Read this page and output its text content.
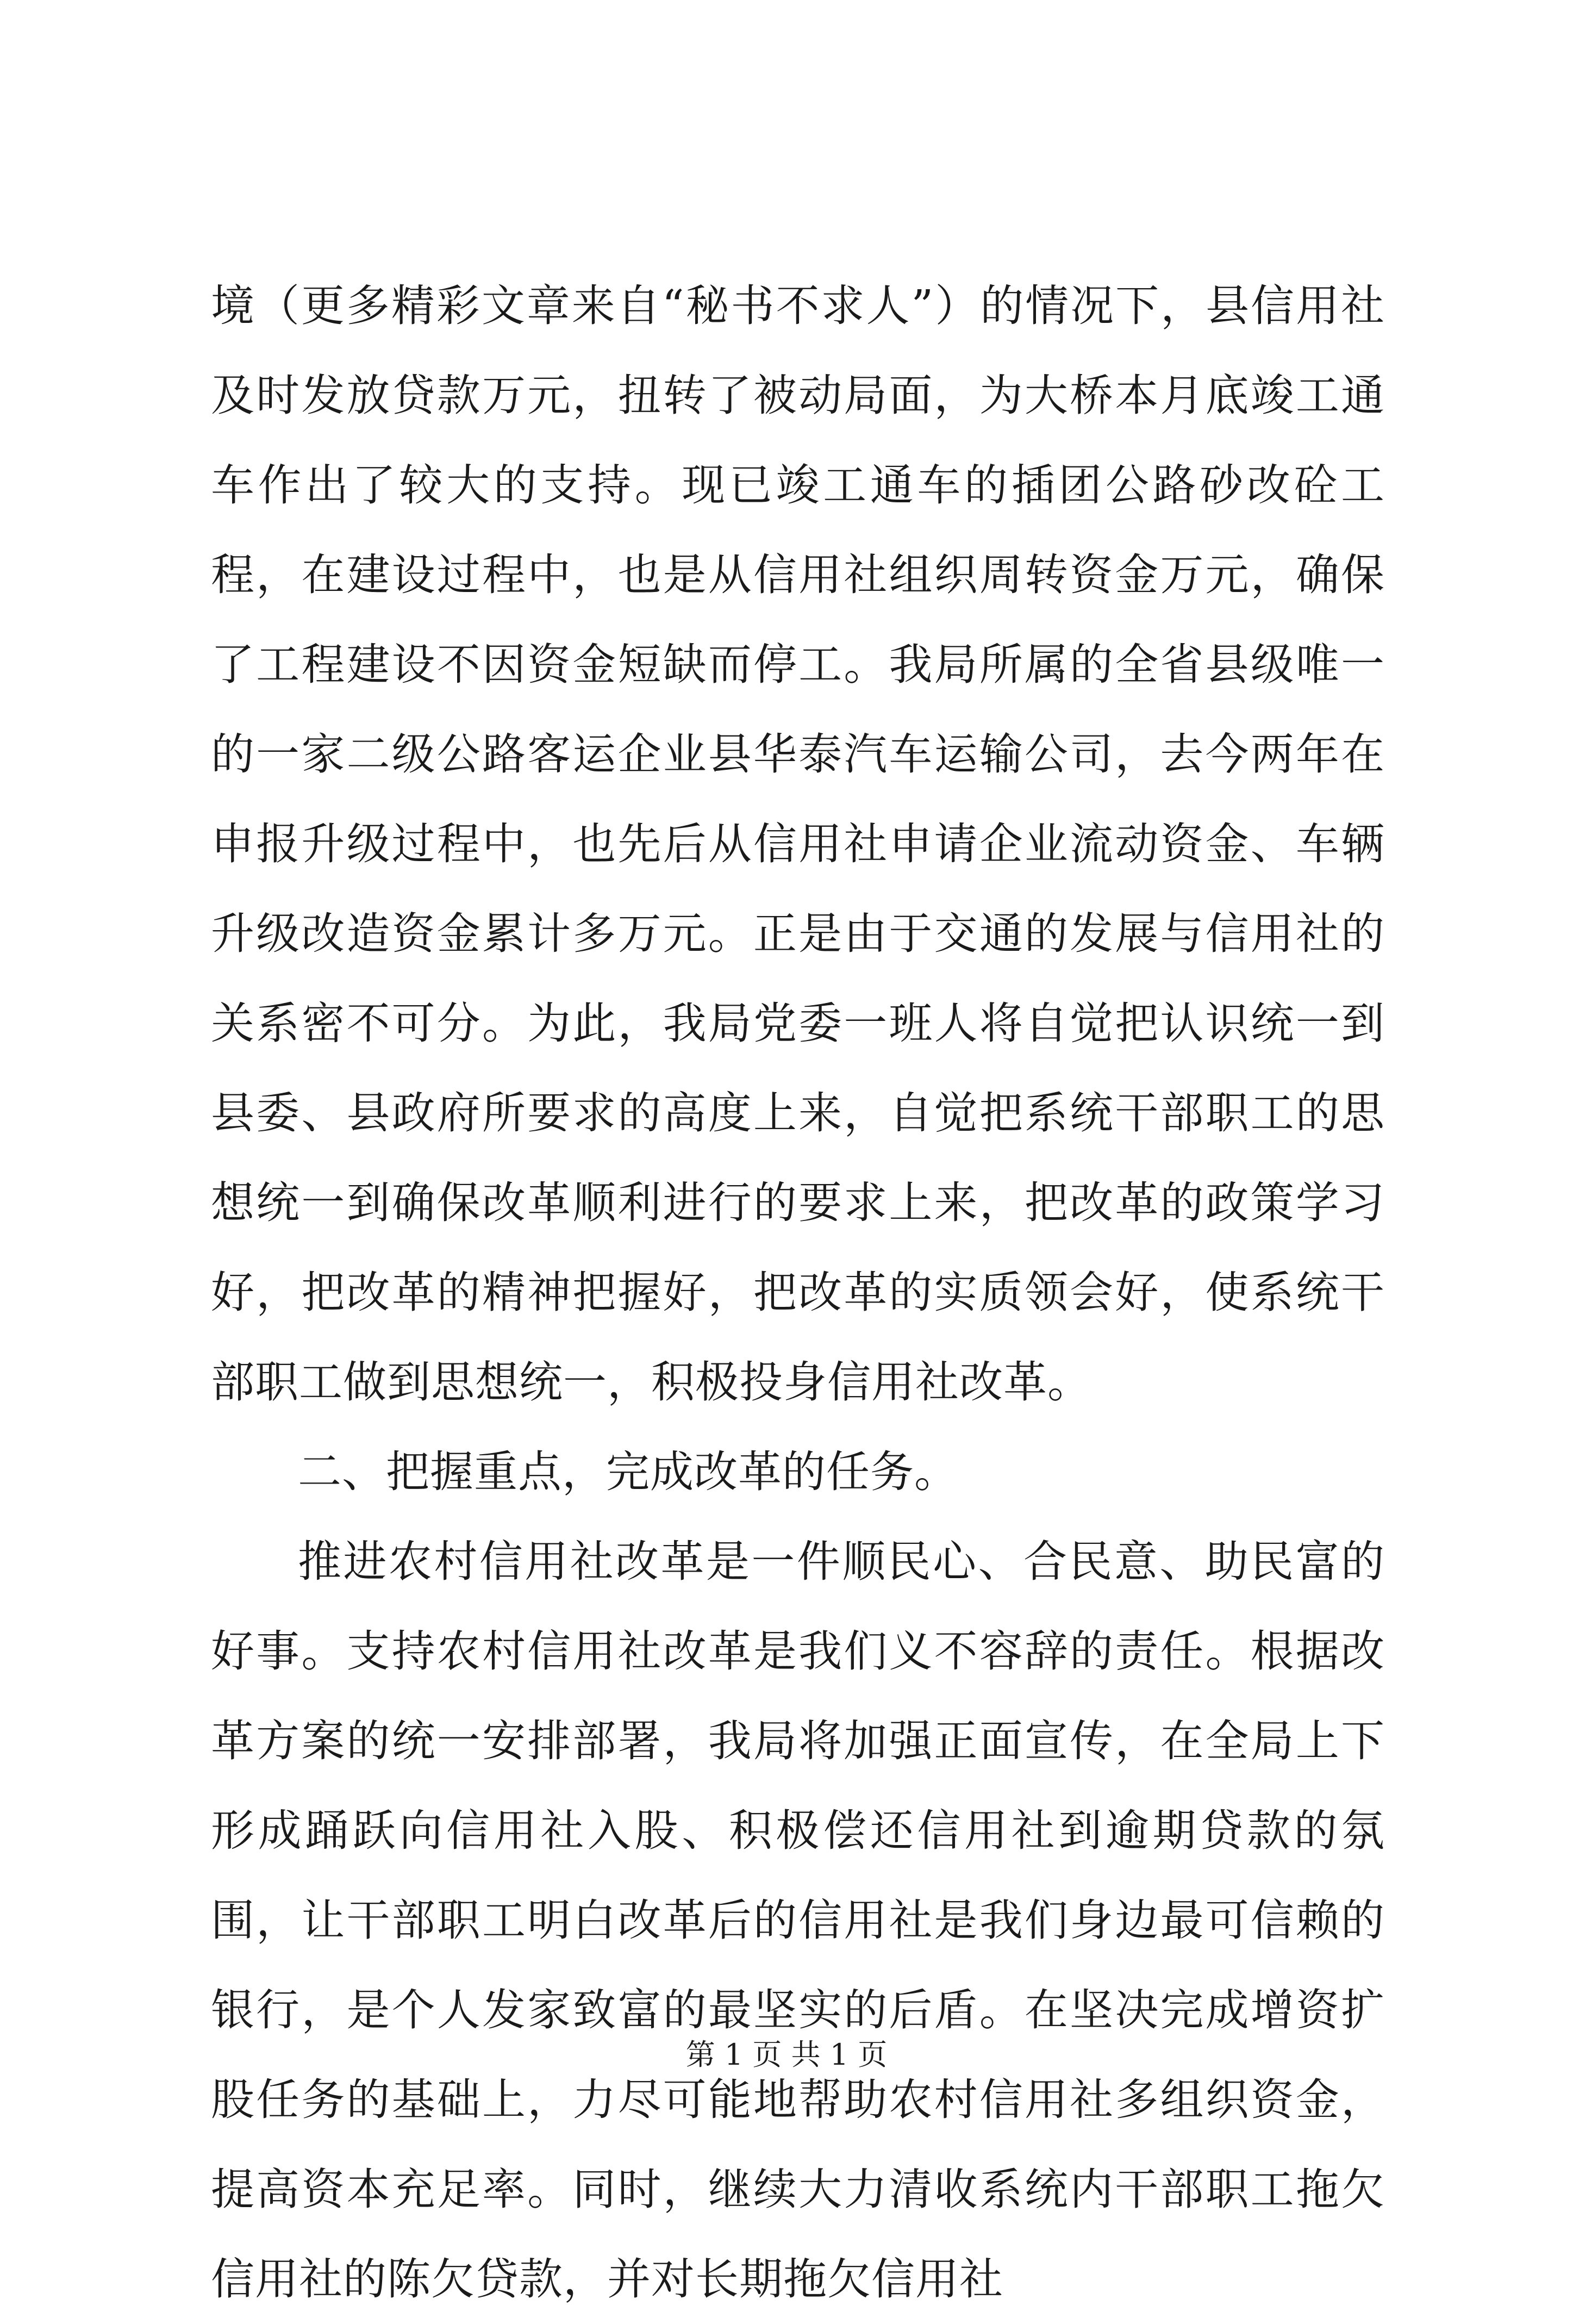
境（更多精彩文章来自“秘书不求人”）的情况下，县信用社及时发放贷款万元，扭转了被动局面，为大桥本月底竣工通车作出了较大的支持。现已竣工通车的插团公路砂改砼工程，在建设过程中，也是从信用社组织周转资金万元，确保了工程建设不因资金短缺而停工。我局所属的全省县级唯一的一家二级公路客运企业县华泰汽车运输公司，去今两年在申报升级过程中，也先后从信用社申请企业流动资金、车辆升级改造资金累计多万元。正是由于交通的发展与信用社的关系密不可分。为此，我局党委一班人将自觉把认识统一到县委、县政府所要求的高度上来，自觉把系统干部职工的思想统一到确保改革顺利进行的要求上来，把改革的政策学习好，把改革的精神把握好，把改革的实质领会好，使系统干部职工做到思想统一，积极投身信用社改革。

二、把握重点，完成改革的任务。

推进农村信用社改革是一件顺民心、合民意、助民富的好事。支持农村信用社改革是我们义不容辞的责任。根据改革方案的统一安排部署，我局将加强正面宣传，在全局上下形成踊跃向信用社入股、积极偿还信用社到逾期贷款的氛围，让干部职工明白改革后的信用社是我们身边最可信赖的银行，是个人发家致富的最坚实的后盾。在坚决完成增资扩股任务的基础上，力尽可能地帮助农村信用社多组织资金，提高资本充足率。同时，继续大力清收系统内干部职工拖欠信用社的陈欠贷款，并对长期拖欠信用社

第 1 页 共 1 页
